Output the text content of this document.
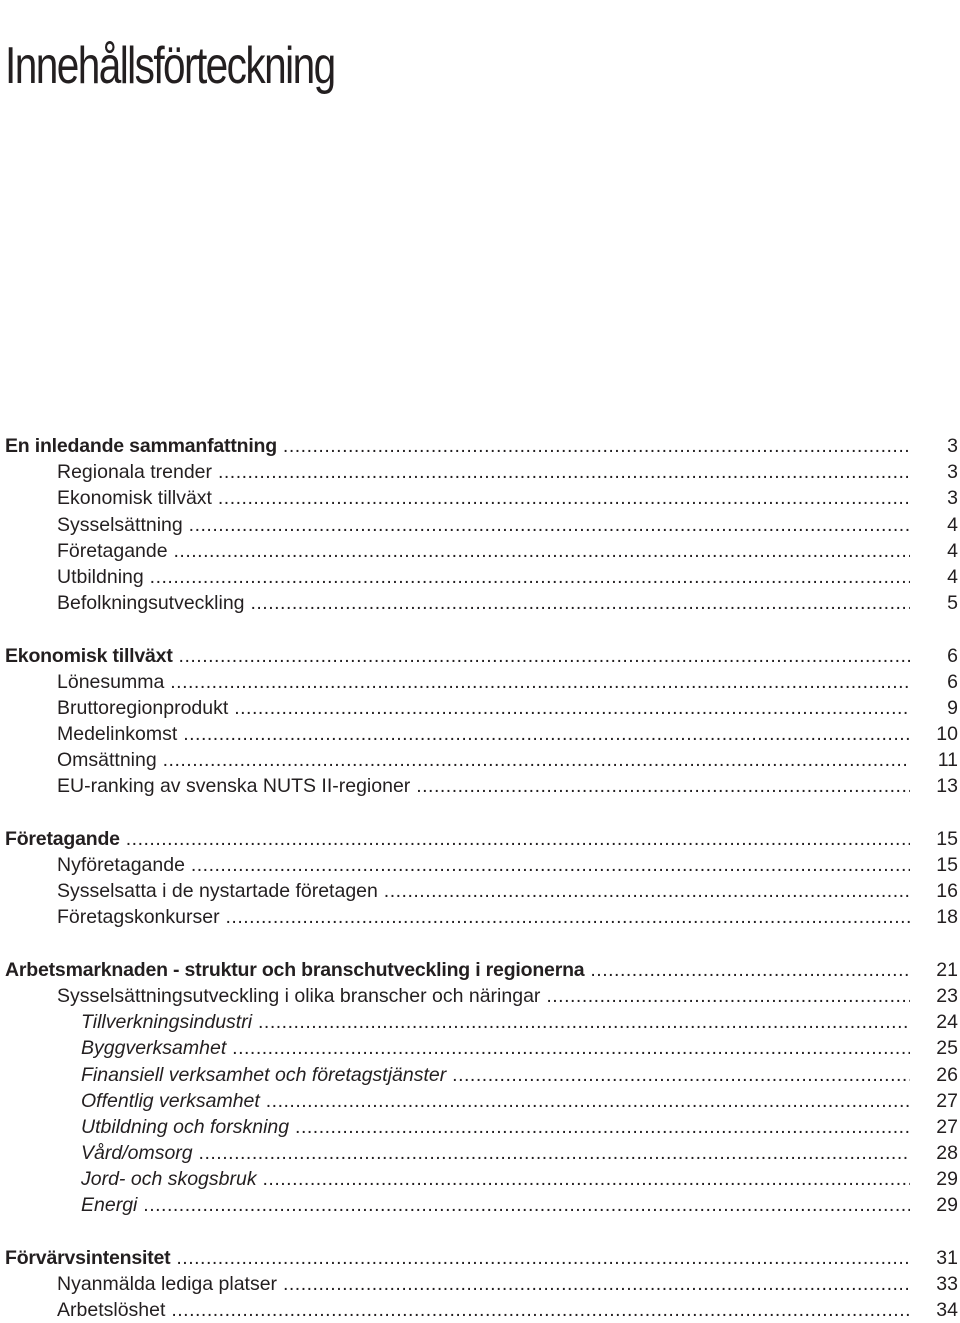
Innehållsförteckning
En inledande sammanfattning .....	3
Regionala trender .....	3
Ekonomisk tillväxt .....	3
Sysselsättning .....	4
Företagande .....	4
Utbildning .....	4
Befolkningsutveckling .....	5
Ekonomisk tillväxt .....	6
Lönesumma .....	6
Bruttoregionprodukt .....	9
Medelinkomst .....	10
Omsättning .....	11
EU-ranking av svenska NUTS II-regioner .....	13
Företagande .....	15
Nyföretagande .....	15
Sysselsatta i de nystartade företagen .....	16
Företagskonkurser .....	18
Arbetsmarknaden - struktur och branschutveckling i regionerna .....	21
Sysselsättningsutveckling i olika branscher och näringar .....	23
Tillverkningsindustri .....	24
Byggverksamhet .....	25
Finansiell verksamhet och företagstjänster .....	26
Offentlig verksamhet .....	27
Utbildning och forskning .....	27
Vård/omsorg .....	28
Jord- och skogsbruk .....	29
Energi .....	29
Förvärvsintensitet .....	31
Nyanmälda lediga platser .....	33
Arbetslöshet .....	34
